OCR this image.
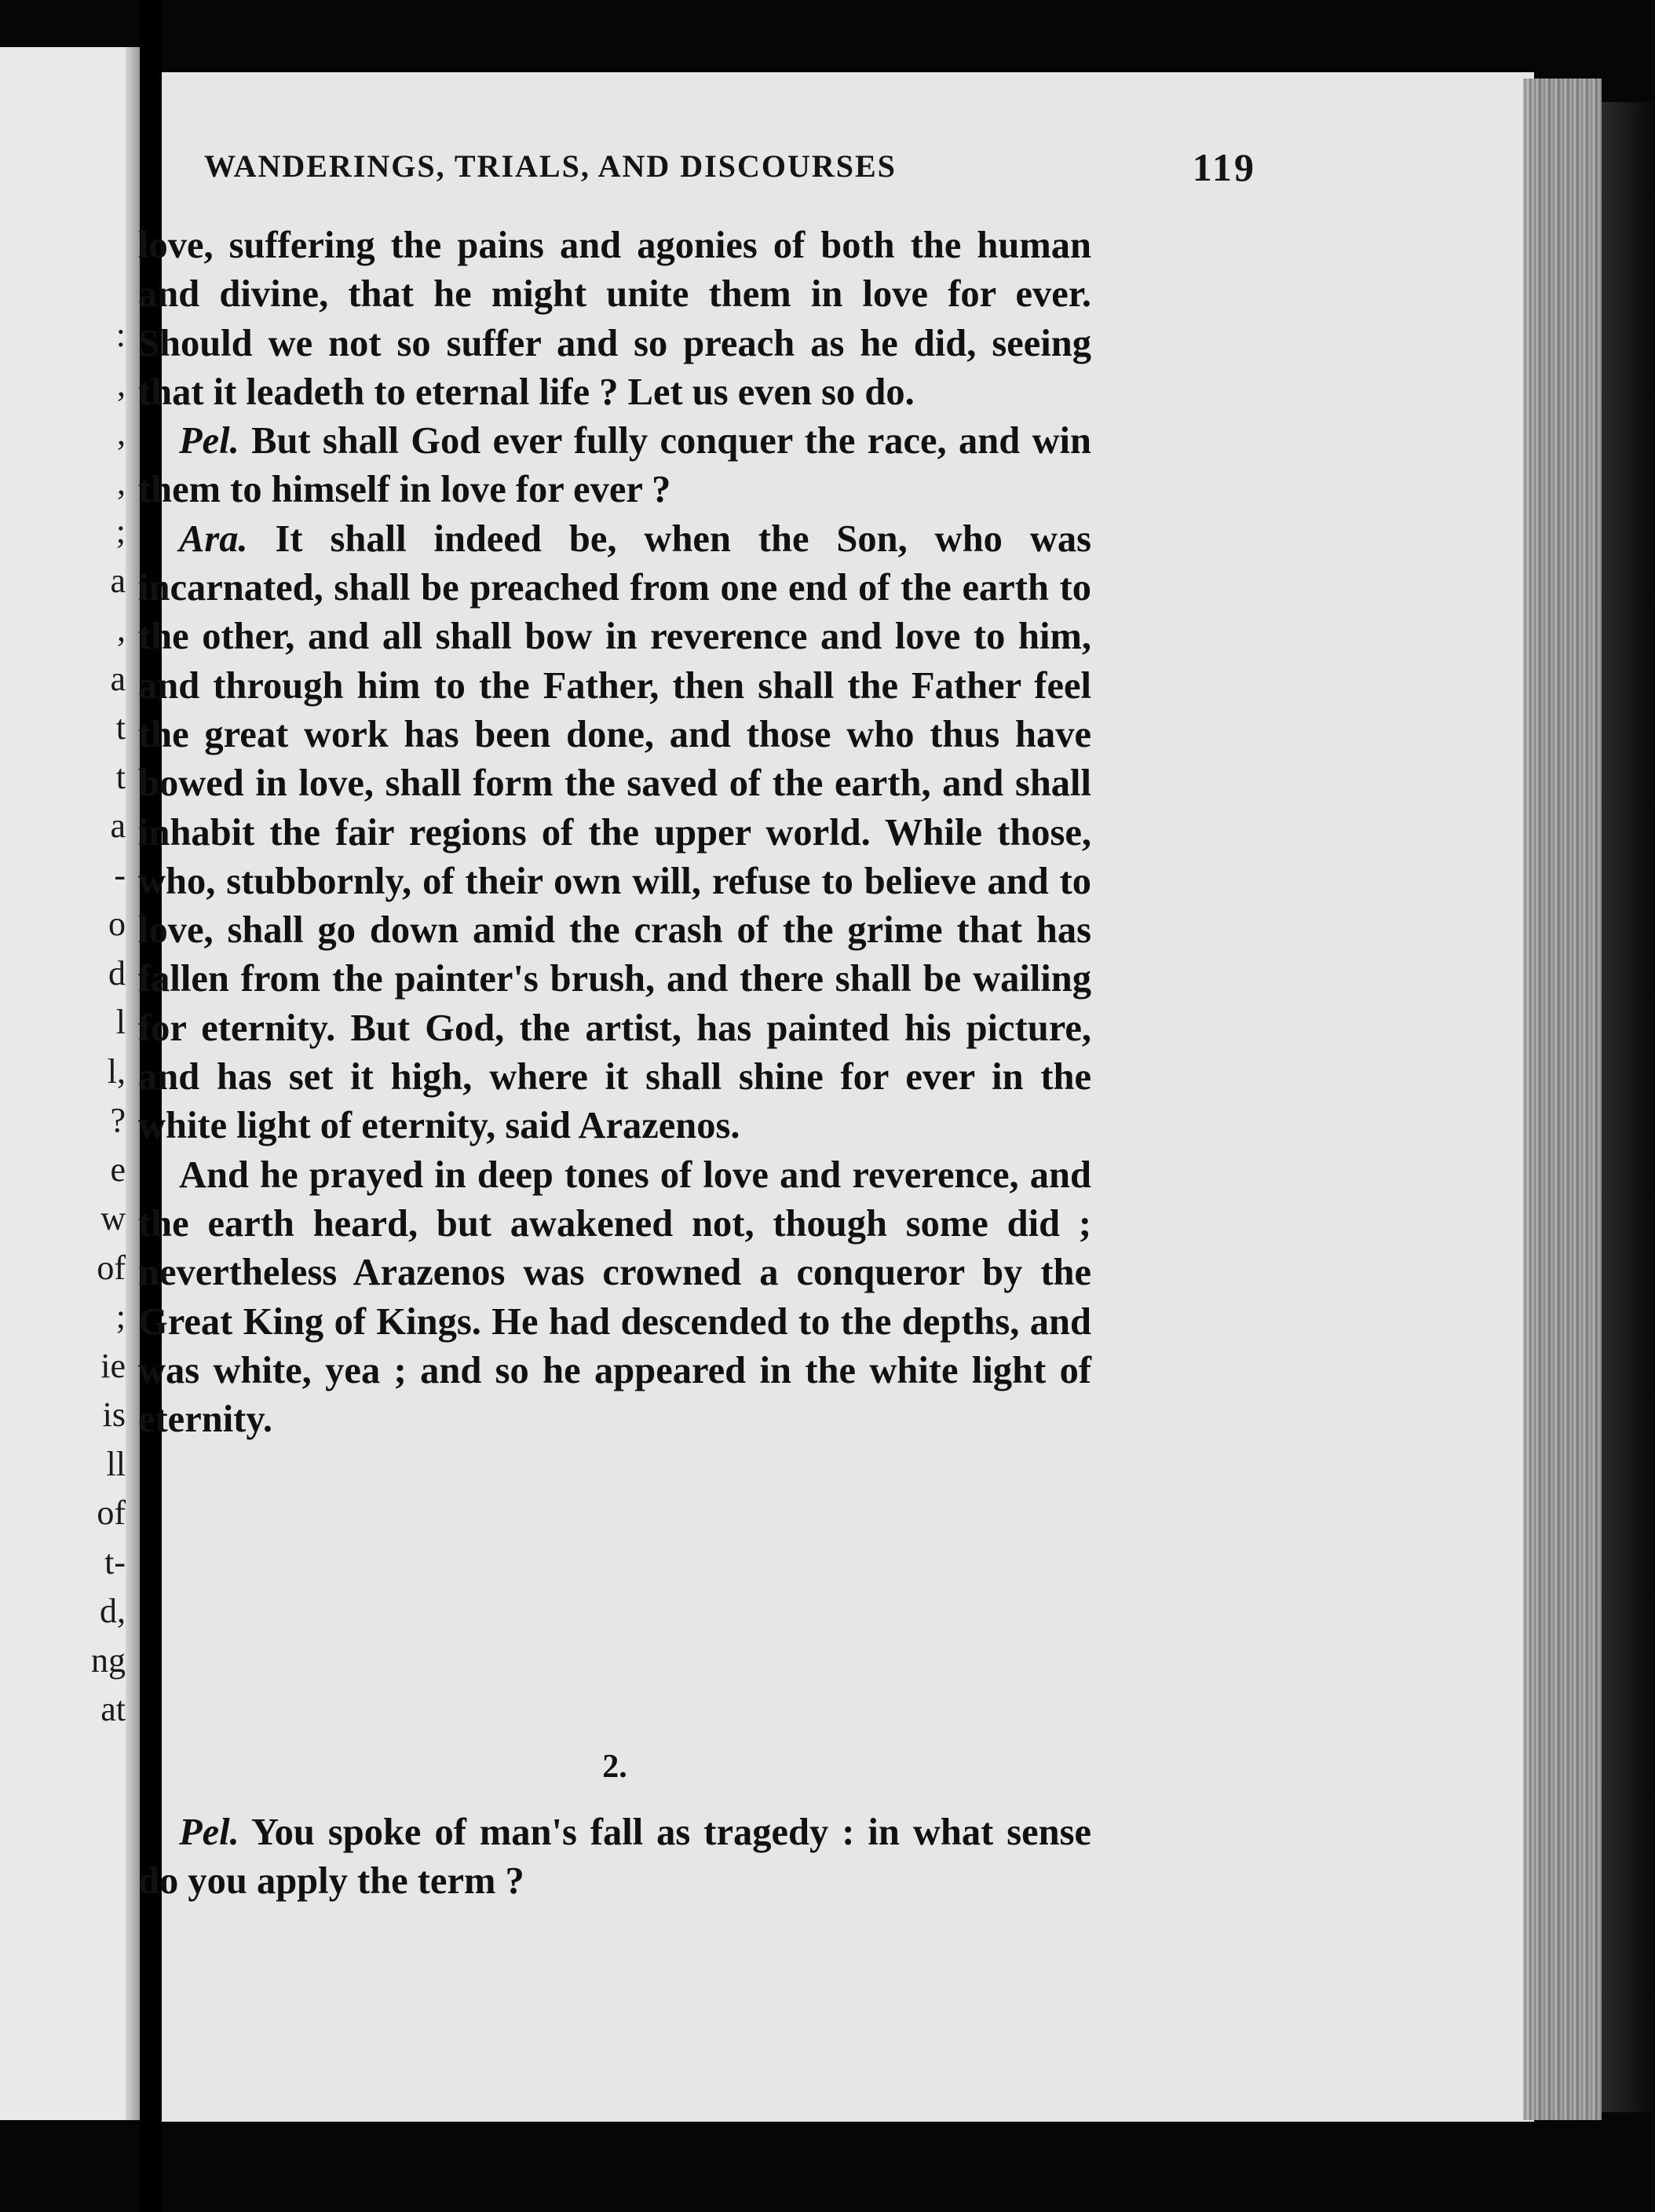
:
,
,
,
;
a
,
a
t
t
a
-
o
d
l
l,
?
e
w
of
;
ie
is
ll
of
t-
d,
ng
at
WANDERINGS, TRIALS, AND DISCOURSES	119

love, suffering the pains and agonies of both the human and divine, that he might unite them in love for ever. Should we not so suffer and so preach as he did, seeing that it leadeth to eternal life ? Let us even so do.

Pel. But shall God ever fully conquer the race, and win them to himself in love for ever ?

Ara. It shall indeed be, when the Son, who was incarnated, shall be preached from one end of the earth to the other, and all shall bow in reverence and love to him, and through him to the Father, then shall the Father feel the great work has been done, and those who thus have bowed in love, shall form the saved of the earth, and shall inhabit the fair regions of the upper world. While those, who, stubbornly, of their own will, refuse to believe and to love, shall go down amid the crash of the grime that has fallen from the painter's brush, and there shall be wailing for eternity. But God, the artist, has painted his picture, and has set it high, where it shall shine for ever in the white light of eternity, said Arazenos.

And he prayed in deep tones of love and reverence, and the earth heard, but awakened not, though some did ; nevertheless Arazenos was crowned a conqueror by the Great King of Kings. He had descended to the depths, and was white, yea ; and so he appeared in the white light of eternity.

2.

Pel. You spoke of man's fall as tragedy : in what sense do you apply the term ?
